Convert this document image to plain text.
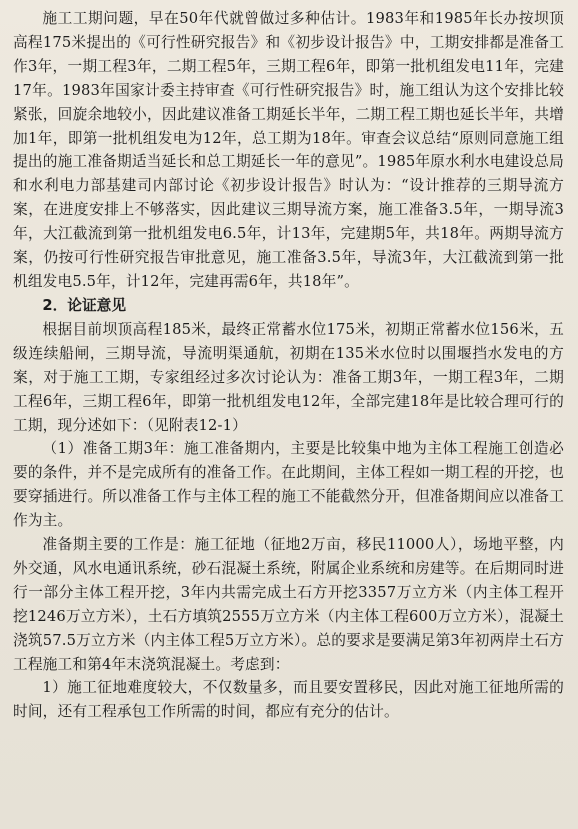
施工工期问题，早在50年代就曾做过多种估计。1983年和1985年长办按坝顶高程175米提出的《可行性研究报告》和《初步设计报告》中，工期安排都是准备工作3年，一期工程3年，二期工程5年，三期工程6年，即第一批机组发电11年，完建17年。1983年国家计委主持审查《可行性研究报告》时，施工组认为这个安排比较紧张，回旋余地较小，因此建议准备工期延长半年，二期工程工期也延长半年，共增加1年，即第一批机组发电为12年，总工期为18年。审查会议总结“原则同意施工组提出的施工准备期适当延长和总工期延长一年的意见”。1985年原水利水电建设总局和水利电力部基建司内部讨论《初步设计报告》时认为：“设计推荐的三期导流方案，在进度安排上不够落实，因此建议三期导流方案，施工准备3.5年，一期导流3年，大江截流到第一批机组发电6.5年，计13年，完建期5年，共18年。两期导流方案，仍按可行性研究报告审批意见，施工准备3.5年，导流3年，大江截流到第一批机组发电5.5年，计12年，完建再需6年，共18年”。

2．论证意见

根据目前坝顶高程185米，最终正常蓄水位175米，初期正常蓄水位156米，五级连续船闸，三期导流，导流明渠通航，初期在135米水位时以围堰挡水发电的方案，对于施工工期，专家组经过多次讨论认为：准备工期3年，一期工程3年，二期工程6年，三期工程6年，即第一批机组发电12年，全部完建18年是比较合理可行的工期，现分述如下：（见附表12-1）

（1）准备工期3年：施工准备期内，主要是比较集中地为主体工程施工创造必要的条件，并不是完成所有的准备工作。在此期间，主体工程如一期工程的开挖，也要穿插进行。所以准备工作与主体工程的施工不能截然分开，但准备期间应以准备工作为主。

准备期主要的工作是：施工征地（征地2万亩，移民11000人），场地平整，内外交通，风水电通讯系统，砂石混凝土系统，附属企业系统和房建等。在后期同时进行一部分主体工程开挖，3年内共需完成土石方开挖3357万立方米（内主体工程开挖1246万立方米），土石方填筑2555万立方米（内主体工程600万立方米），混凝土浇筑57.5万立方米（内主体工程5万立方米）。总的要求是要满足第3年初两岸土石方工程施工和第4年末浇筑混凝土。考虑到：

1）施工征地难度较大，不仅数量多，而且要安置移民，因此对施工征地所需的时间，还有工程承包工作所需的时间，都应有充分的估计。
